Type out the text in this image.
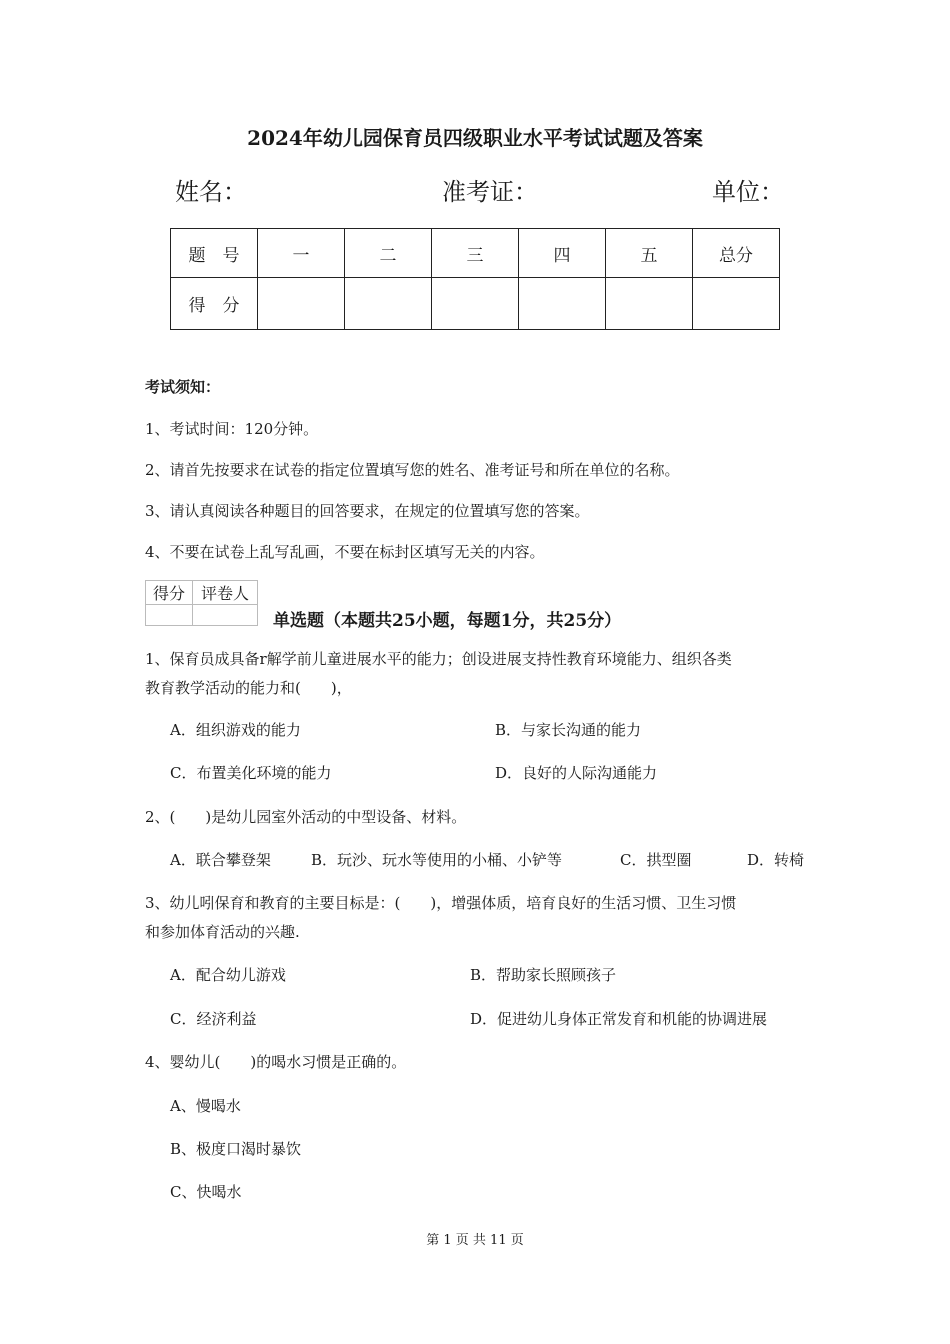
2024年幼儿园保育员四级职业水平考试试题及答案
姓名：	准考证：	单位：
题　号	一	二	三	四	五	总分
得　分						
考试须知：
1、考试时间：120分钟。
2、请首先按要求在试卷的指定位置填写您的姓名、准考证号和所在单位的名称。
3、请认真阅读各种题目的回答要求，在规定的位置填写您的答案。
4、不要在试卷上乱写乱画，不要在标封区填写无关的内容。
得分	评卷人

单选题（本题共25小题，每题1分，共25分）
1、保育员成具备r解学前儿童进展水平的能力；创设进展支持性教育环境能力、组织各类
教育教学活动的能力和(　　)，
A．组织游戏的能力	B．与家长沟通的能力
C．布置美化环境的能力	D．良好的人际沟通能力
2、(　　)是幼儿园室外活动的中型设备、材料。
A．联合攀登架	B．玩沙、玩水等使用的小桶、小铲等	C．拱型圈	D．转椅
3、幼儿吲保育和教育的主要目标是：(　　)，增强体质，培育良好的生活习惯、卫生习惯
和参加体育活动的兴趣.
A．配合幼儿游戏	B．帮助家长照顾孩子
C．经济利益	D．促进幼儿身体正常发育和机能的协调进展
4、婴幼儿(　　)的喝水习惯是正确的。
A、慢喝水
B、极度口渴时暴饮
C、快喝水
第 1 页 共 11 页
